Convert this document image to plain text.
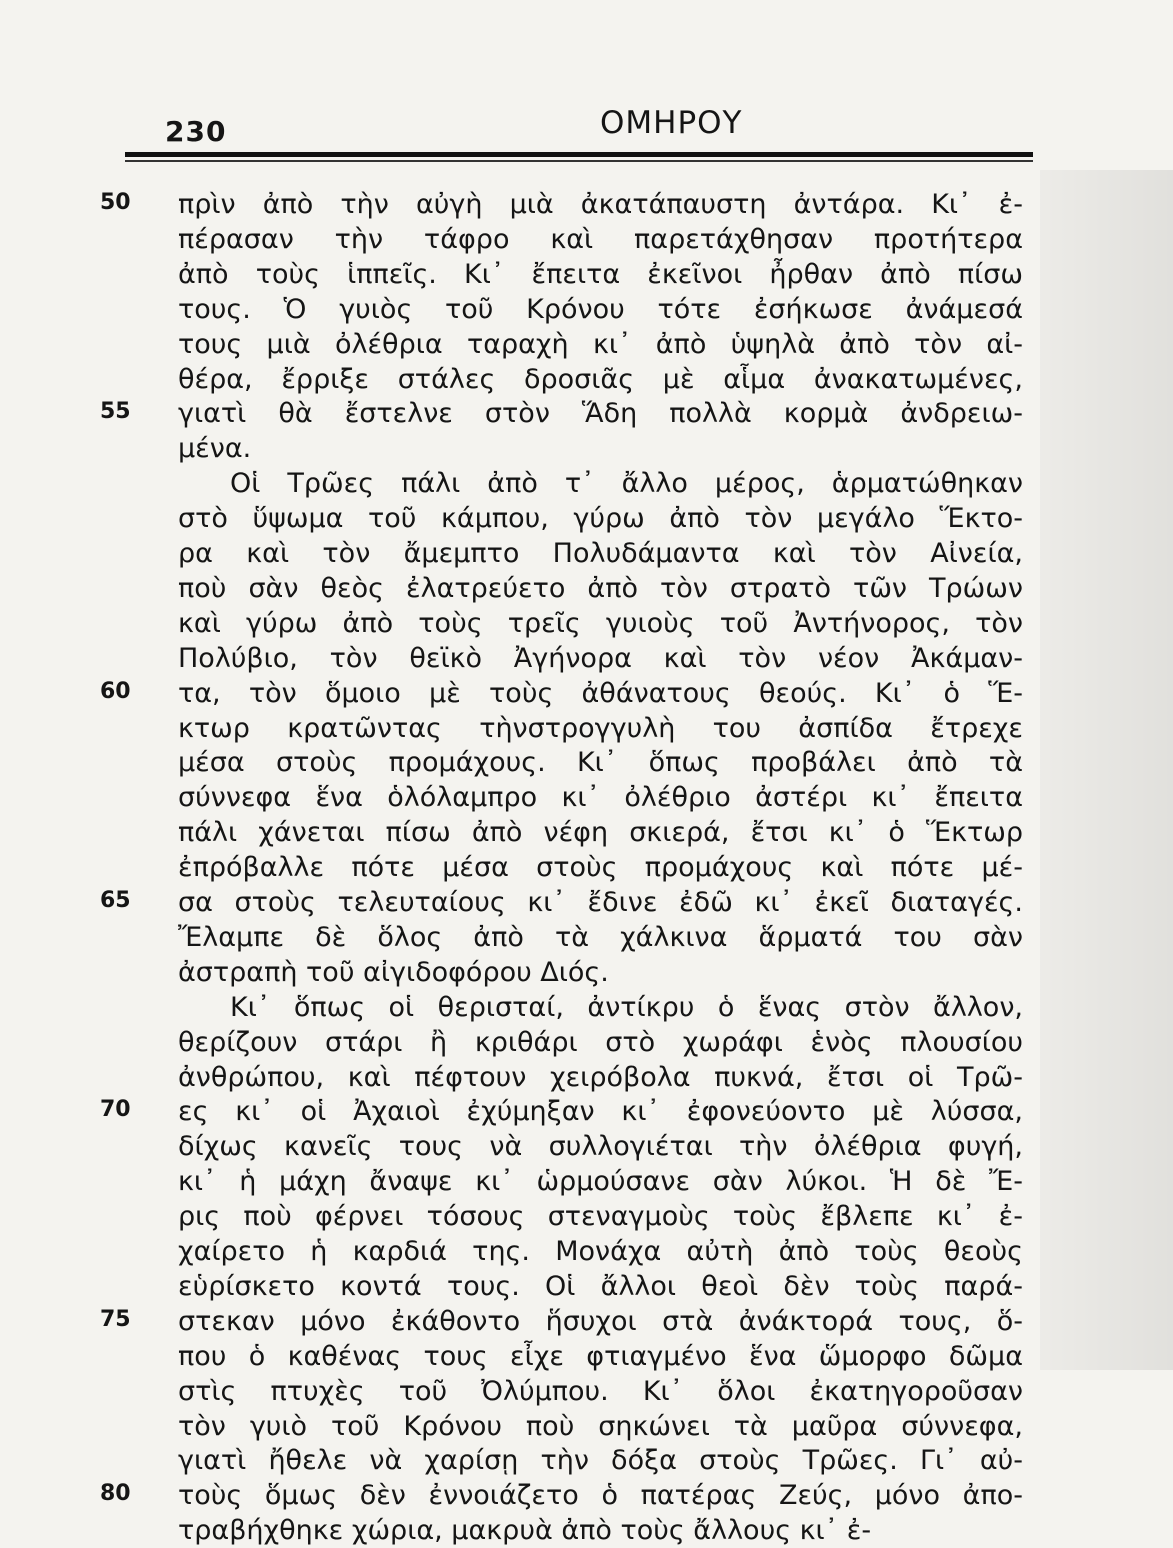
230	ΟΜΗΡΟΥ
50 πρὶν ἀπὸ τὴν αὐγὴ μιὰ ἀκατάπαυστη ἀντάρα. Κι᾿ ἐ-
πέρασαν τὴν τάφρο καὶ παρετάχθησαν προτήτερα
ἀπὸ τοὺς ἱππεῖς. Κι᾿ ἔπειτα ἐκεῖνοι ἦρθαν ἀπὸ πίσω
τους. Ὁ γυιὸς τοῦ Κρόνου τότε ἐσήκωσε ἀνάμεσά
τους μιὰ ὀλέθρια ταραχὴ κι᾿ ἀπὸ ὑψηλὰ ἀπὸ τὸν αἰ-
θέρα, ἔρριξε στάλες δροσιᾶς μὲ αἷμα ἀνακατωμένες,
55 γιατὶ θὰ ἔστελνε στὸν Ἅδη πολλὰ κορμὰ ἀνδρειω-
μένα.
Οἱ Τρῶες πάλι ἀπὸ τ᾿ ἄλλο μέρος, ἁρματώθηκαν
στὸ ὕψωμα τοῦ κάμπου, γύρω ἀπὸ τὸν μεγάλο Ἕκτο-
ρα καὶ τὸν ἄμεμπτο Πολυδάμαντα καὶ τὸν Αἰνεία,
ποὺ σὰν θεὸς ἐλατρεύετο ἀπὸ τὸν στρατὸ τῶν Τρώων
καὶ γύρω ἀπὸ τοὺς τρεῖς γυιοὺς τοῦ Ἀντήνορος, τὸν
Πολύβιο, τὸν θεϊκὸ Ἀγήνορα καὶ τὸν νέον Ἀκάμαν-
60 τα, τὸν ὅμοιο μὲ τοὺς ἀθάνατους θεούς. Κι᾿ ὁ Ἕ-
κτωρ κρατῶντας τὴνστρογγυλὴ του ἀσπίδα ἔτρεχε
μέσα στοὺς προμάχους. Κι᾿ ὅπως προβάλει ἀπὸ τὰ
σύννεφα ἕνα ὁλόλαμπρο κι᾿ ὀλέθριο ἀστέρι κι᾿ ἔπειτα
πάλι χάνεται πίσω ἀπὸ νέφη σκιερά, ἔτσι κι᾿ ὁ Ἕκτωρ
ἐπρόβαλλε πότε μέσα στοὺς προμάχους καὶ πότε μέ-
65 σα στοὺς τελευταίους κι᾿ ἔδινε ἐδῶ κι᾿ ἐκεῖ διαταγές.
Ἔλαμπε δὲ ὅλος ἀπὸ τὰ χάλκινα ἅρματά του σὰν
ἀστραπὴ τοῦ αἰγιδοφόρου Διός.
Κι᾿ ὅπως οἱ θερισταί, ἀντίκρυ ὁ ἕνας στὸν ἄλλον,
θερίζουν στάρι ἢ κριθάρι στὸ χωράφι ἑνὸς πλουσίου
ἀνθρώπου, καὶ πέφτουν χειρόβολα πυκνά, ἔτσι οἱ Τρῶ-
70 ες κι᾿ οἱ Ἀχαιοὶ ἐχύμηξαν κι᾿ ἐφονεύοντο μὲ λύσσα,
δίχως κανεῖς τους νὰ συλλογιέται τὴν ὀλέθρια φυγή,
κι᾿ ἡ μάχη ἄναψε κι᾿ ὡρμούσανε σὰν λύκοι. Ἡ δὲ Ἔ-
ρις ποὺ φέρνει τόσους στεναγμοὺς τοὺς ἔβλεπε κι᾿ ἐ-
χαίρετο ἡ καρδιά της. Μονάχα αὐτὴ ἀπὸ τοὺς θεοὺς
εὑρίσκετο κοντά τους. Οἱ ἄλλοι θεοὶ δὲν τοὺς παρά-
75 στεκαν μόνο ἐκάθοντο ἥσυχοι στὰ ἀνάκτορά τους, ὅ-
που ὁ καθένας τους εἶχε φτιαγμένο ἕνα ὥμορφο δῶμα
στὶς πτυχὲς τοῦ Ὀλύμπου. Κι᾿ ὅλοι ἐκατηγοροῦσαν
τὸν γυιὸ τοῦ Κρόνου ποὺ σηκώνει τὰ μαῦρα σύννεφα,
γιατὶ ἤθελε νὰ χαρίσῃ τὴν δόξα στοὺς Τρῶες. Γι᾿ αὐ-
80 τοὺς ὅμως δὲν ἐννοιάζετο ὁ πατέρας Ζεύς, μόνο ἀπο-
τραβήχθηκε χώρια, μακρυὰ ἀπὸ τοὺς ἄλλους κι᾿ ἐ-
